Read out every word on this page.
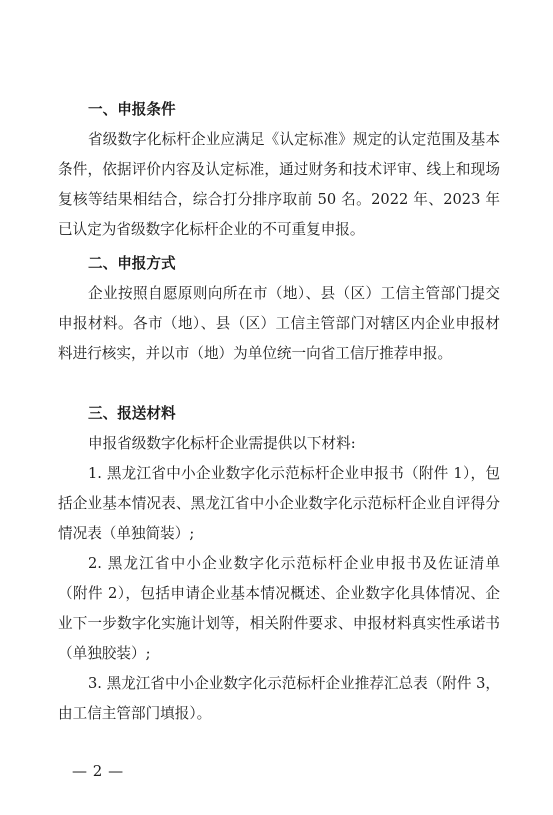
一、申报条件

省级数字化标杆企业应满足《认定标准》规定的认定范围及基本条件，依据评价内容及认定标准，通过财务和技术评审、线上和现场复核等结果相结合，综合打分排序取前 50 名。2022 年、2023 年已认定为省级数字化标杆企业的不可重复申报。

二、申报方式

企业按照自愿原则向所在市（地）、县（区）工信主管部门提交申报材料。各市（地）、县（区）工信主管部门对辖区内企业申报材料进行核实，并以市（地）为单位统一向省工信厅推荐申报。

三、报送材料

申报省级数字化标杆企业需提供以下材料:

1. 黑龙江省中小企业数字化示范标杆企业申报书（附件 1），包括企业基本情况表、黑龙江省中小企业数字化示范标杆企业自评得分情况表（单独简装）;

2. 黑龙江省中小企业数字化示范标杆企业申报书及佐证清单（附件 2），包括申请企业基本情况概述、企业数字化具体情况、企业下一步数字化实施计划等，相关附件要求、申报材料真实性承诺书（单独胶装）;

3. 黑龙江省中小企业数字化示范标杆企业推荐汇总表（附件 3，由工信主管部门填报）。

— 2 —
